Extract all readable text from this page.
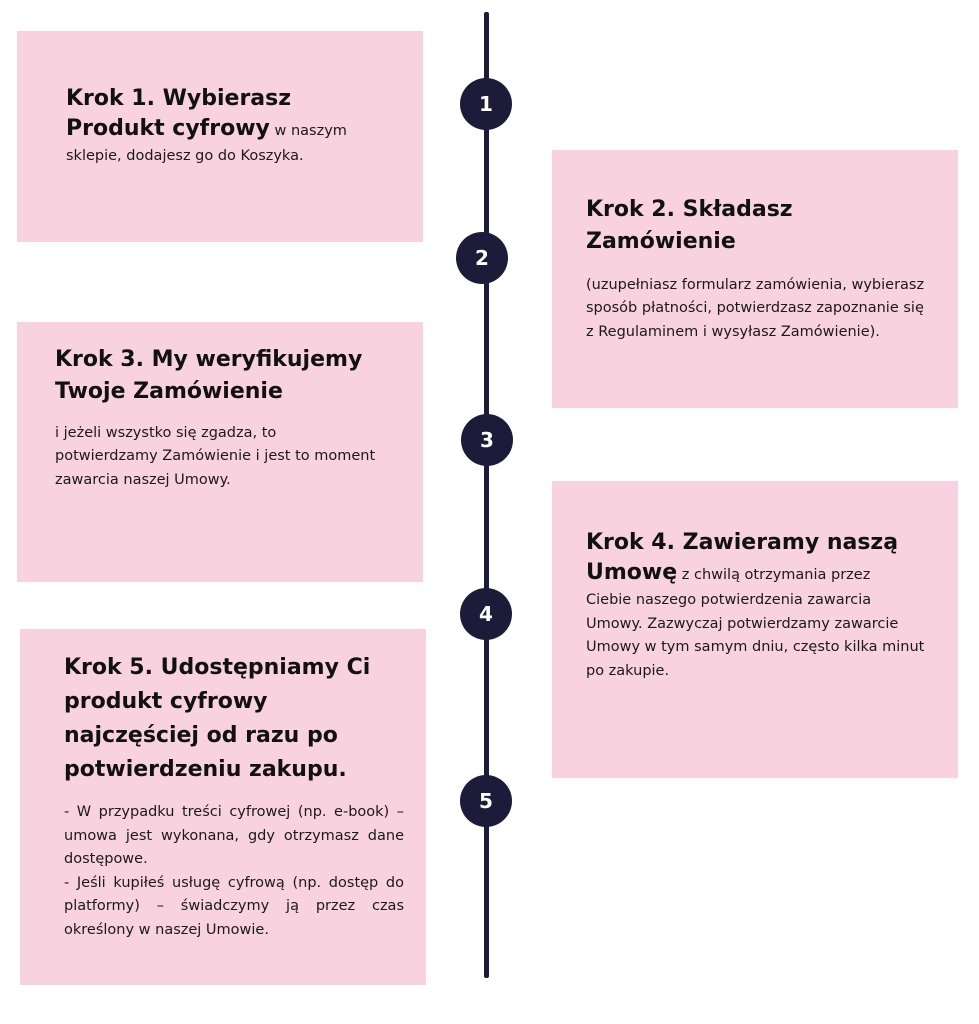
Krok 1. Wybierasz
Produkt cyfrowy w naszym
sklepie, dodajesz go do Koszyka.
Krok 2. Składasz
Zamówienie
(uzupełniasz formularz zamówienia, wybierasz sposób płatności, potwierdzasz zapoznanie się z Regulaminem i wysyłasz Zamówienie).
Krok 3. My weryfikujemy
Twoje Zamówienie
i jeżeli wszystko się zgadza, to potwierdzamy Zamówienie i jest to moment zawarcia naszej Umowy.
Krok 4. Zawieramy naszą
Umowę z chwilą otrzymania przez
Ciebie naszego potwierdzenia zawarcia Umowy. Zazwyczaj potwierdzamy zawarcie Umowy w tym samym dniu, często kilka minut po zakupie.
Krok 5. Udostępniamy Ci produkt cyfrowy najczęściej od razu po potwierdzeniu zakupu.

- W przypadku treści cyfrowej (np. e-book) – umowa jest wykonana, gdy otrzymasz dane dostępowe.

- Jeśli kupiłeś usługę cyfrową (np. dostęp do platformy) – świadczymy ją przez czas określony w naszej Umowie.

1
2
3
4
5
